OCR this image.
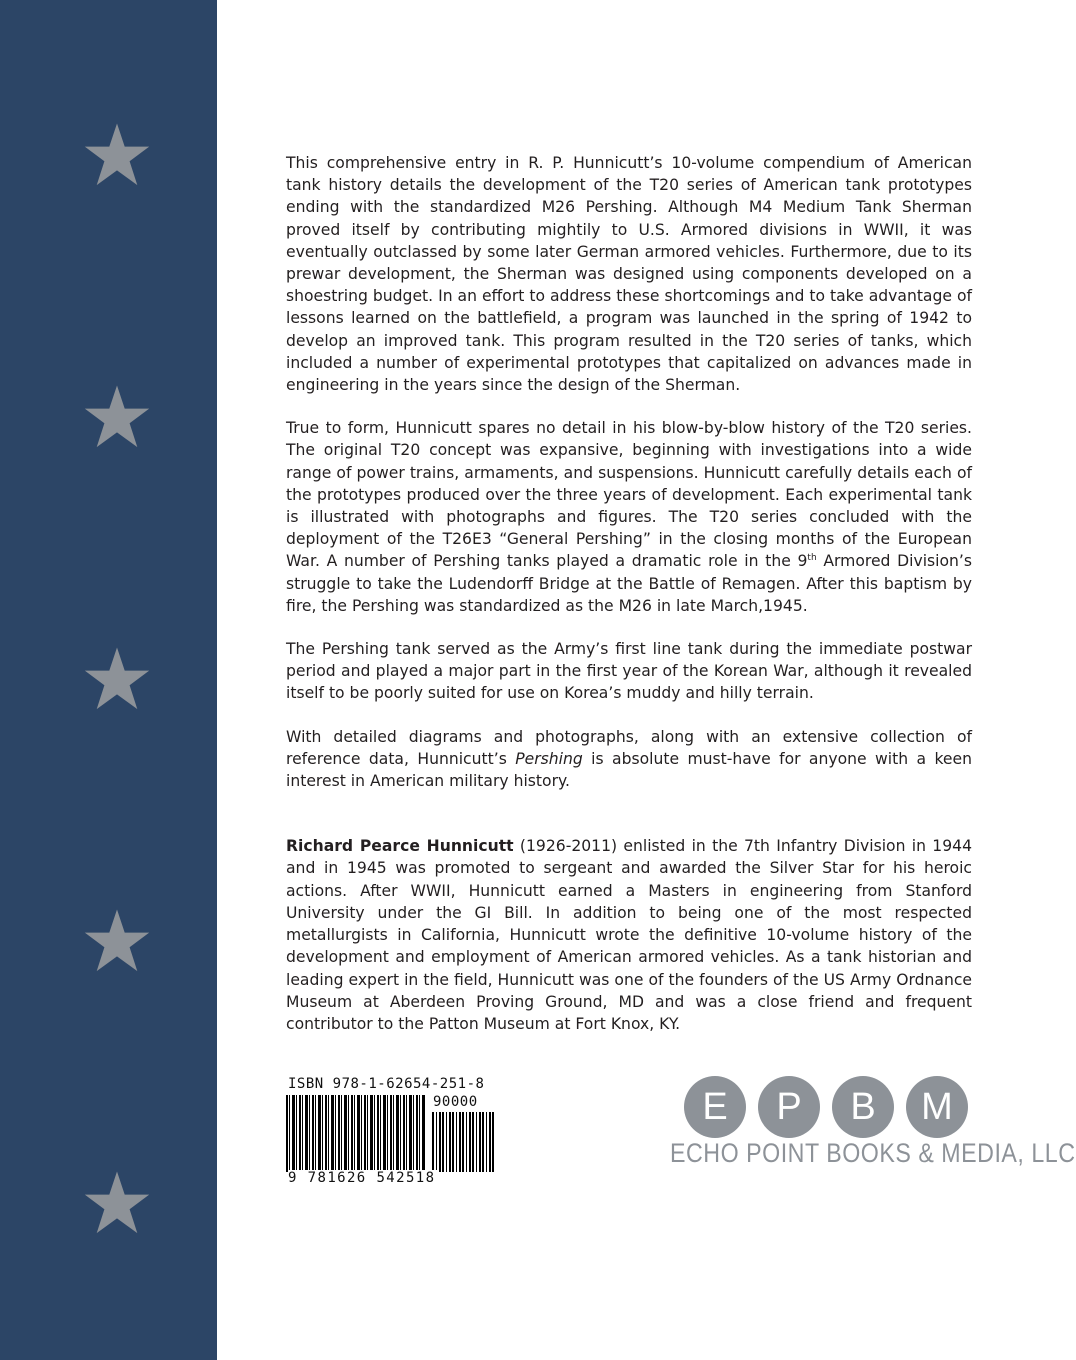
This comprehensive entry in R. P. Hunnicutt’s 10-volume compendium of American tank history details the development of the T20 series of American tank prototypes ending with the standardized M26 Pershing. Although M4 Medium Tank Sherman proved itself by contributing mightily to U.S. Armored divisions in WWII, it was eventually outclassed by some later German armored vehicles. Furthermore, due to its prewar development, the Sherman was designed using components developed on a shoestring budget. In an effort to address these shortcomings and to take advantage of lessons learned on the battlefield, a program was launched in the spring of 1942 to develop an improved tank. This program resulted in the T20 series of tanks, which included a number of experimental prototypes that capitalized on advances made in engineering in the years since the design of the Sherman.

True to form, Hunnicutt spares no detail in his blow-by-blow history of the T20 series. The original T20 concept was expansive, beginning with investigations into a wide range of power trains, armaments, and suspensions. Hunnicutt carefully details each of the prototypes produced over the three years of development. Each experimental tank is illustrated with photographs and figures. The T20 series concluded with the deployment of the T26E3 “General Pershing” in the closing months of the European War. A number of Pershing tanks played a dramatic role in the 9th Armored Division’s struggle to take the Ludendorff Bridge at the Battle of Remagen. After this baptism by fire, the Pershing was standardized as the M26 in late March,1945.

The Pershing tank served as the Army’s first line tank during the immediate postwar period and played a major part in the first year of the Korean War, although it revealed itself to be poorly suited for use on Korea’s muddy and hilly terrain.

With detailed diagrams and photographs, along with an extensive collection of reference data, Hunnicutt’s Pershing is absolute must-have for anyone with a keen interest in American military history.

Richard Pearce Hunnicutt (1926-2011) enlisted in the 7th Infantry Division in 1944 and in 1945 was promoted to sergeant and awarded the Silver Star for his heroic actions. After WWII, Hunnicutt earned a Masters in engineering from Stanford University under the GI Bill. In addition to being one of the most respected metallurgists in California, Hunnicutt wrote the definitive 10-volume history of the development and employment of American armored vehicles. As a tank historian and leading expert in the field, Hunnicutt was one of the founders of the US Army Ordnance Museum at Aberdeen Proving Ground, MD and was a close friend and frequent contributor to the Patton Museum at Fort Knox, KY.

ISBN 978-1-62654-251-8
90000
9 781626 542518
E	P	B	M
ECHO POINT BOOKS & MEDIA, LLC
